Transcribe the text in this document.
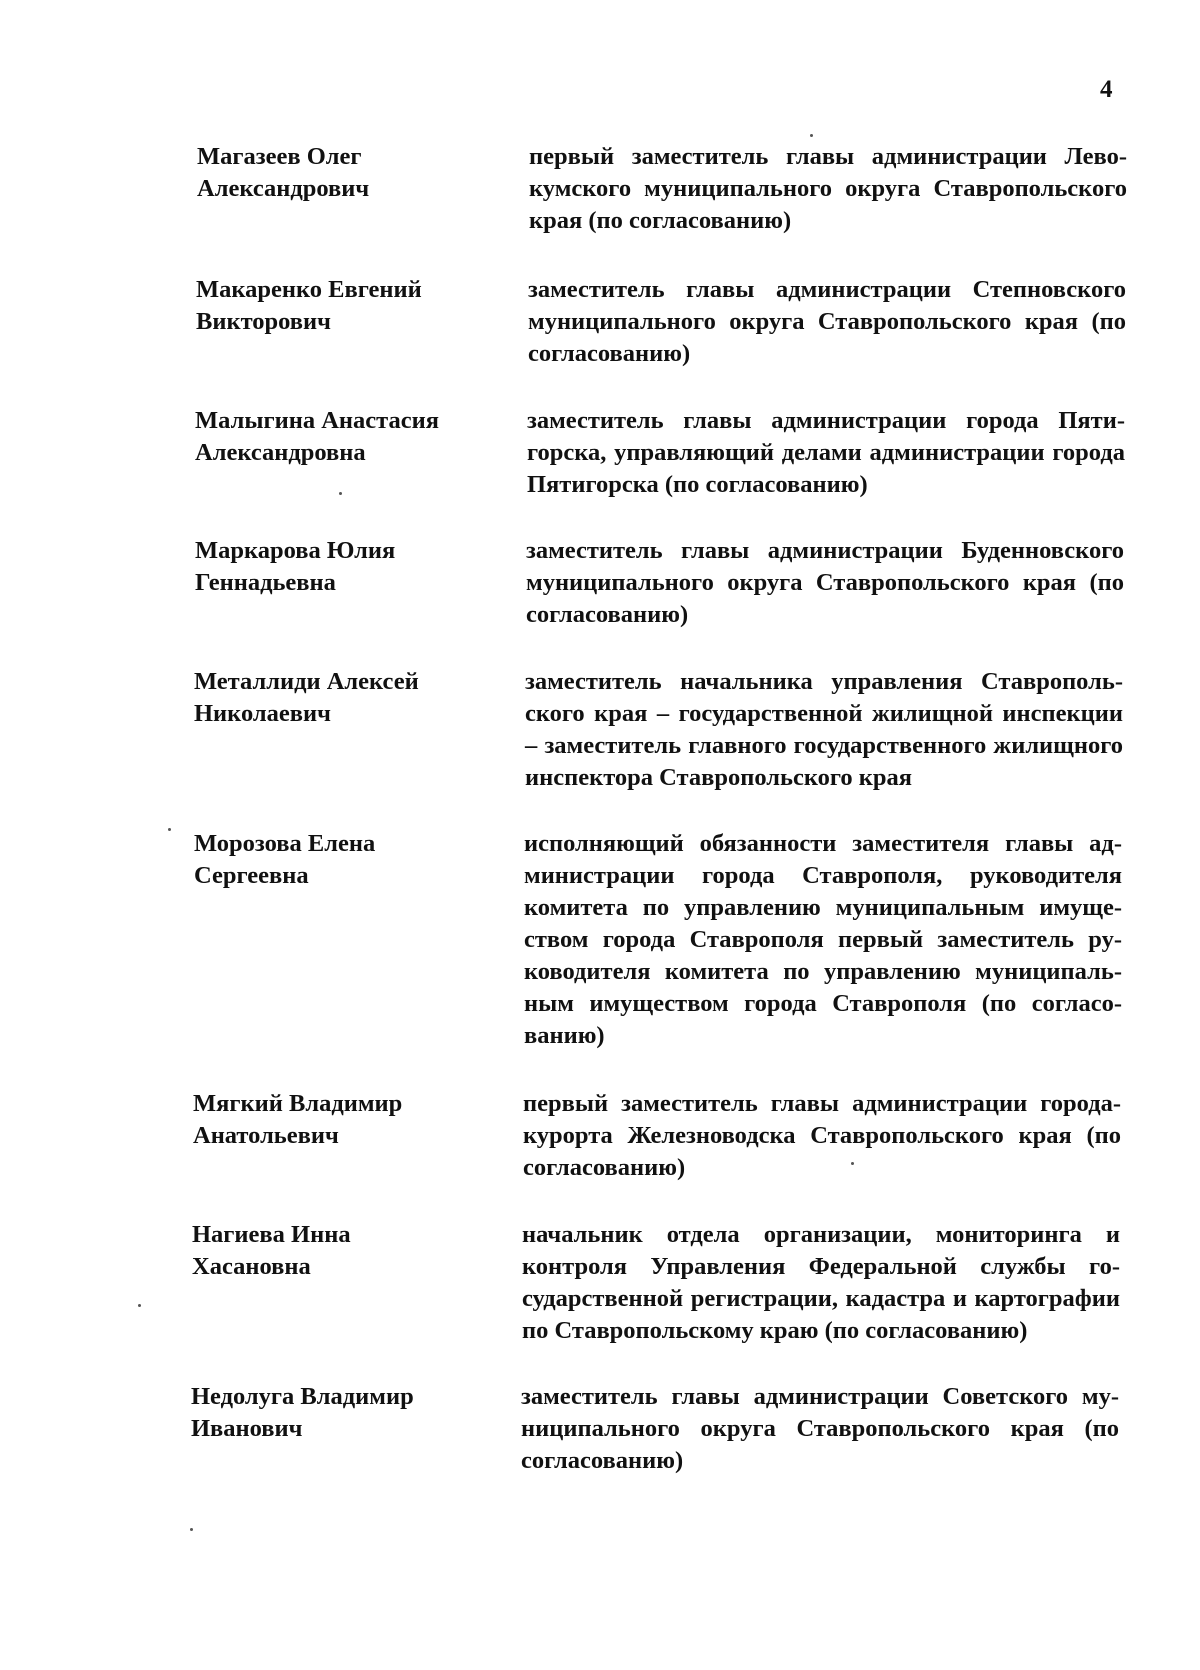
4
Магазеев Олег
Александрович
первый заместитель главы администрации Левокумского муниципального округа Ставропольского края (по согласованию)
Макаренко Евгений
Викторович
заместитель главы администрации Степновского муниципального округа Ставропольского края (по согласованию)
Малыгина Анастасия
Александровна
заместитель главы администрации города Пятигорска, управляющий делами администрации города Пятигорска (по согласованию)
Маркарова Юлия
Геннадьевна
заместитель главы администрации Буденновского муниципального округа Ставропольского края (по согласованию)
Металлиди Алексей
Николаевич
заместитель начальника управления Ставропольского края – государственной жилищной инспекции – заместитель главного государственного жилищного инспектора Ставропольского края
Морозова Елена
Сергеевна
исполняющий обязанности заместителя главы администрации города Ставрополя, руководителя комитета по управлению муниципальным имуществом города Ставрополя первый заместитель руководителя комитета по управлению муниципальным имуществом города Ставрополя (по согласованию)
Мягкий Владимир
Анатольевич
первый заместитель главы администрации города-курорта Железноводска Ставропольского края (по согласованию)
Нагиева Инна
Хасановна
начальник отдела организации, мониторинга и контроля Управления Федеральной службы государственной регистрации, кадастра и картографии по Ставропольскому краю (по согласованию)
Недолуга Владимир
Иванович
заместитель главы администрации Советского муниципального округа Ставропольского края (по согласованию)
